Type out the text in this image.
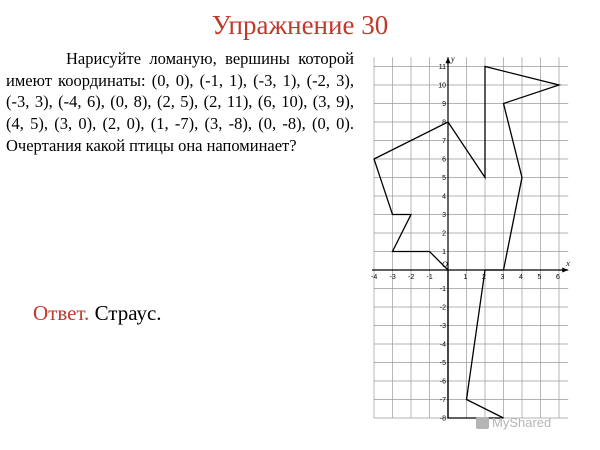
Упражнение 30
Нарисуйте ломаную, вершины которой имеют координаты: (0, 0), (-1, 1), (-3, 1), (-2, 3), (-3, 3), (-4, 6), (0, 8), (2, 5), (2, 11), (6, 10), (3, 9), (4, 5), (3, 0), (2, 0), (1, -7), (3, -8), (0, -8), (0, 0). Очертания какой птицы она напоминает?
Ответ. Страус.
-4 -3 -2 -1	1 2 3 4 5 6
-8
-7
-6
-5
-4
-3
-2
-1
1
2
3
4
5
6
7
8
9
10
11
O	x
y
MyShared
